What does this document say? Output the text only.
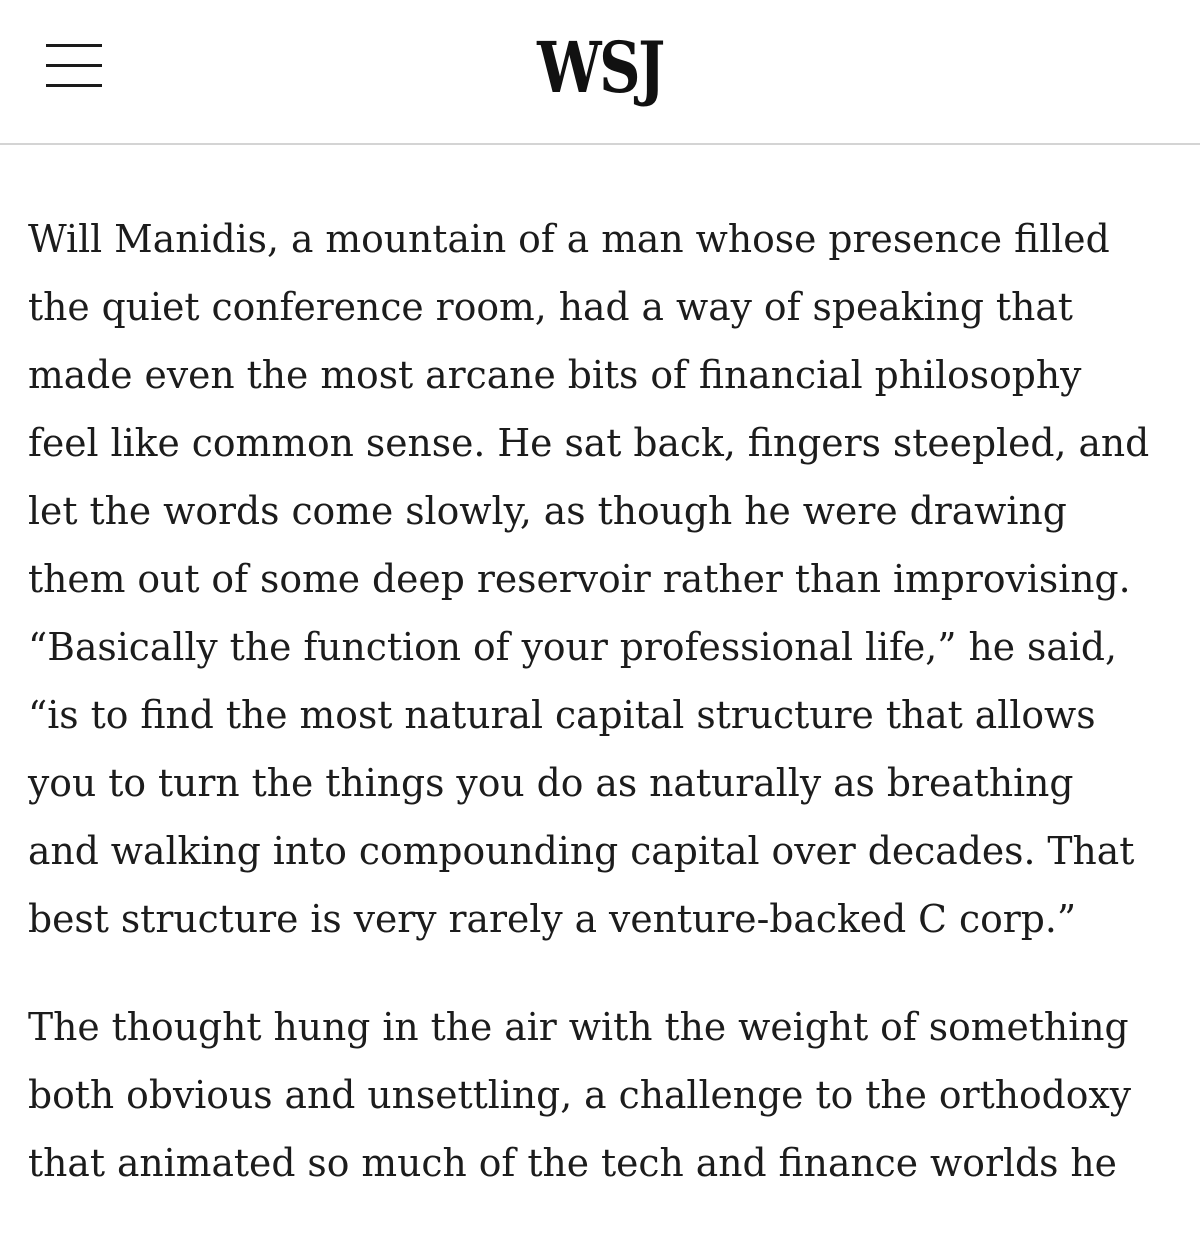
WSJ

Will Manidis, a mountain of a man whose presence filled
the quiet conference room, had a way of speaking that
made even the most arcane bits of financial philosophy
feel like common sense. He sat back, fingers steepled, and
let the words come slowly, as though he were drawing
them out of some deep reservoir rather than improvising.
“Basically the function of your professional life,” he said,
“is to find the most natural capital structure that allows
you to turn the things you do as naturally as breathing
and walking into compounding capital over decades. That
best structure is very rarely a venture-backed C corp.”

The thought hung in the air with the weight of something
both obvious and unsettling, a challenge to the orthodoxy
that animated so much of the tech and finance worlds he
